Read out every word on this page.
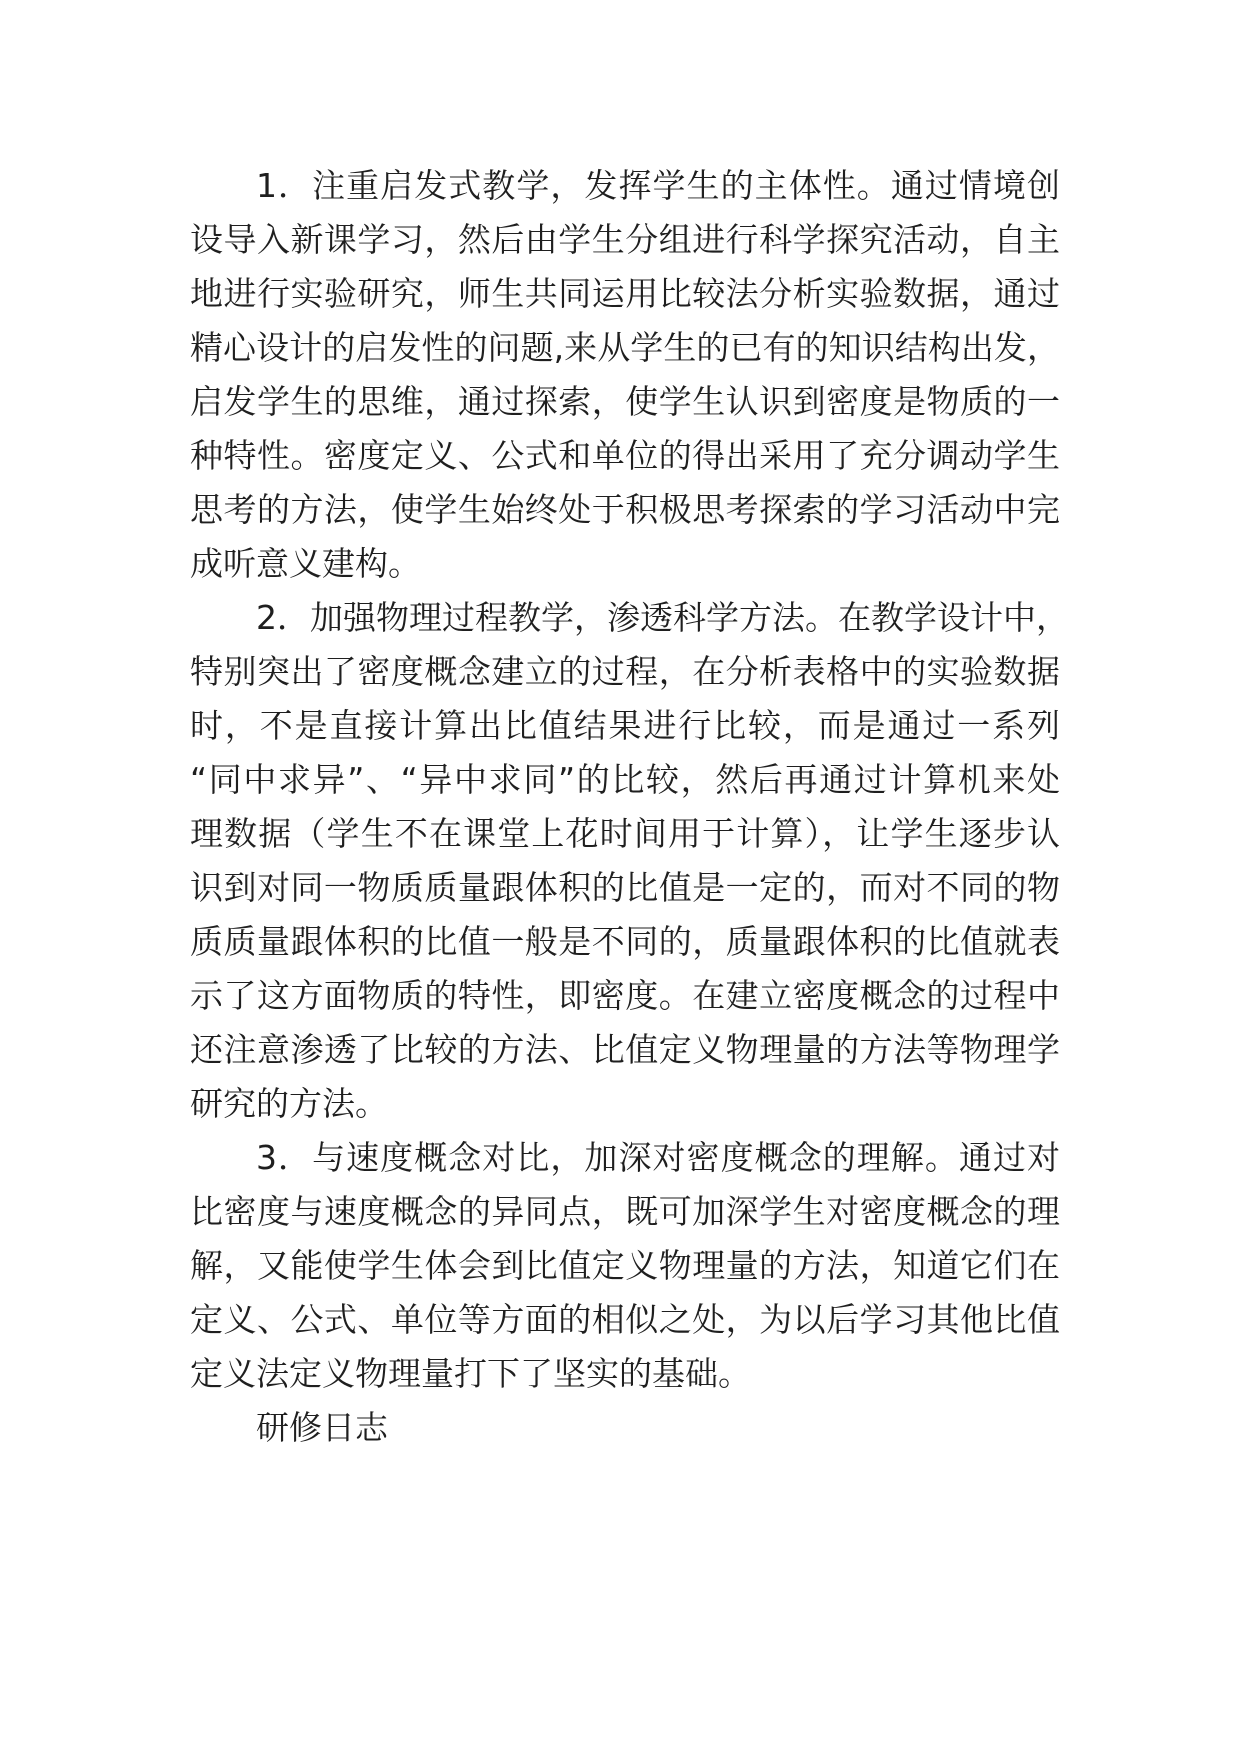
1．注重启发式教学，发挥学生的主体性。通过情境创

设导入新课学习，然后由学生分组进行科学探究活动，自主

地进行实验研究，师生共同运用比较法分析实验数据，通过

精心设计的启发性的问题,来从学生的已有的知识结构出发，

启发学生的思维，通过探索，使学生认识到密度是物质的一

种特性。密度定义、公式和单位的得出采用了充分调动学生

思考的方法，使学生始终处于积极思考探索的学习活动中完

成听意义建构。

2．加强物理过程教学，渗透科学方法。在教学设计中，

特别突出了密度概念建立的过程，在分析表格中的实验数据

时，不是直接计算出比值结果进行比较，而是通过一系列

“同中求异”、“异中求同”的比较，然后再通过计算机来处

理数据（学生不在课堂上花时间用于计算），让学生逐步认

识到对同一物质质量跟体积的比值是一定的，而对不同的物

质质量跟体积的比值一般是不同的，质量跟体积的比值就表

示了这方面物质的特性，即密度。在建立密度概念的过程中

还注意渗透了比较的方法、比值定义物理量的方法等物理学

研究的方法。

3．与速度概念对比，加深对密度概念的理解。通过对

比密度与速度概念的异同点，既可加深学生对密度概念的理

解，又能使学生体会到比值定义物理量的方法，知道它们在

定义、公式、单位等方面的相似之处，为以后学习其他比值

定义法定义物理量打下了坚实的基础。

研修日志
